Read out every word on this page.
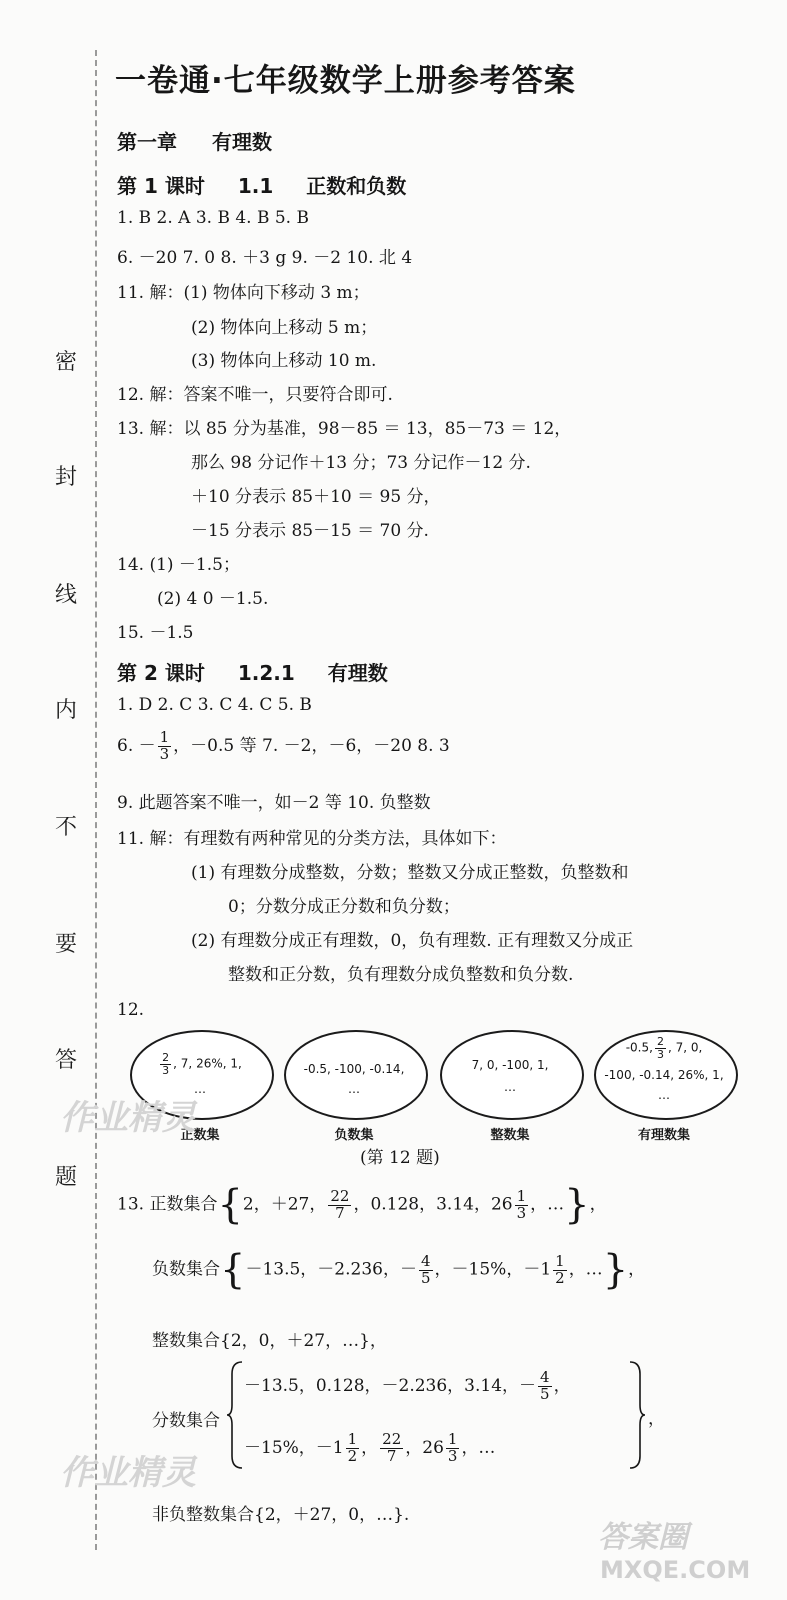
密
封
线
内
不
要
答
题
一卷通·七年级数学上册参考答案
第一章 有理数
第 1 课时 1.1 正数和负数
1. B 2. A 3. B 4. B 5. B
6. －20 7. 0 8. ＋3 g 9. －2 10. 北 4
11. 解：(1) 物体向下移动 3 m；
(2) 物体向上移动 5 m；
(3) 物体向上移动 10 m.
12. 解：答案不唯一，只要符合即可.
13. 解：以 85 分为基准，98－85 ＝ 13，85－73 ＝ 12，
那么 98 分记作＋13 分；73 分记作－12 分.
＋10 分表示 85＋10 ＝ 95 分，
－15 分表示 85－15 ＝ 70 分.
14. (1) －1.5；
(2) 4 0 －1.5.
15. －1.5
第 2 课时 1.2.1 有理数
1. D 2. C 3. C 4. C 5. B
6. － $\frac{1}{3}$ ，－0.5 等 7. －2，－6，－20 8. 3
9. 此题答案不唯一，如－2 等 10. 负整数
11. 解：有理数有两种常见的分类方法，具体如下：
(1) 有理数分成整数，分数；整数又分成正整数，负整数和
0；分数分成正分数和负分数；
(2) 有理数分成正有理数，0，负有理数. 正有理数又分成正
整数和正分数，负有理数分成负整数和负分数.
12.
$\frac{2}{3}$ , 7, 26%, 1,
…
正数集
-0.5, -100, -0.14,
…
负数集
7, 0, -100, 1,
…
整数集
-0.5, $\frac{2}{3}$ , 7, 0,
-100, -0.14, 26%, 1,
…
有理数集
(第 12 题)
13. 正数集合{2，＋27， $\frac{22}{7}$ ，0.128，3.14，$26 \frac{1}{3}$ ，…}，
负数集合{－13.5，－2.236，－ $\frac{4}{5}$ ，－15%，$-1 \frac{1}{2}$ ，…}，
整数集合{2，0，＋27，…}，
分数集合
－13.5，0.128，－2.236，3.14，－ $\frac{4}{5}$ ，
－15%，$-1 \frac{1}{2}$ ， $\frac{22}{7}$ ，$26 \frac{1}{3}$ ，…
，
非负整数集合{2，＋27，0，…}.
作业精灵
作业精灵
答案圈
MXQE.COM
